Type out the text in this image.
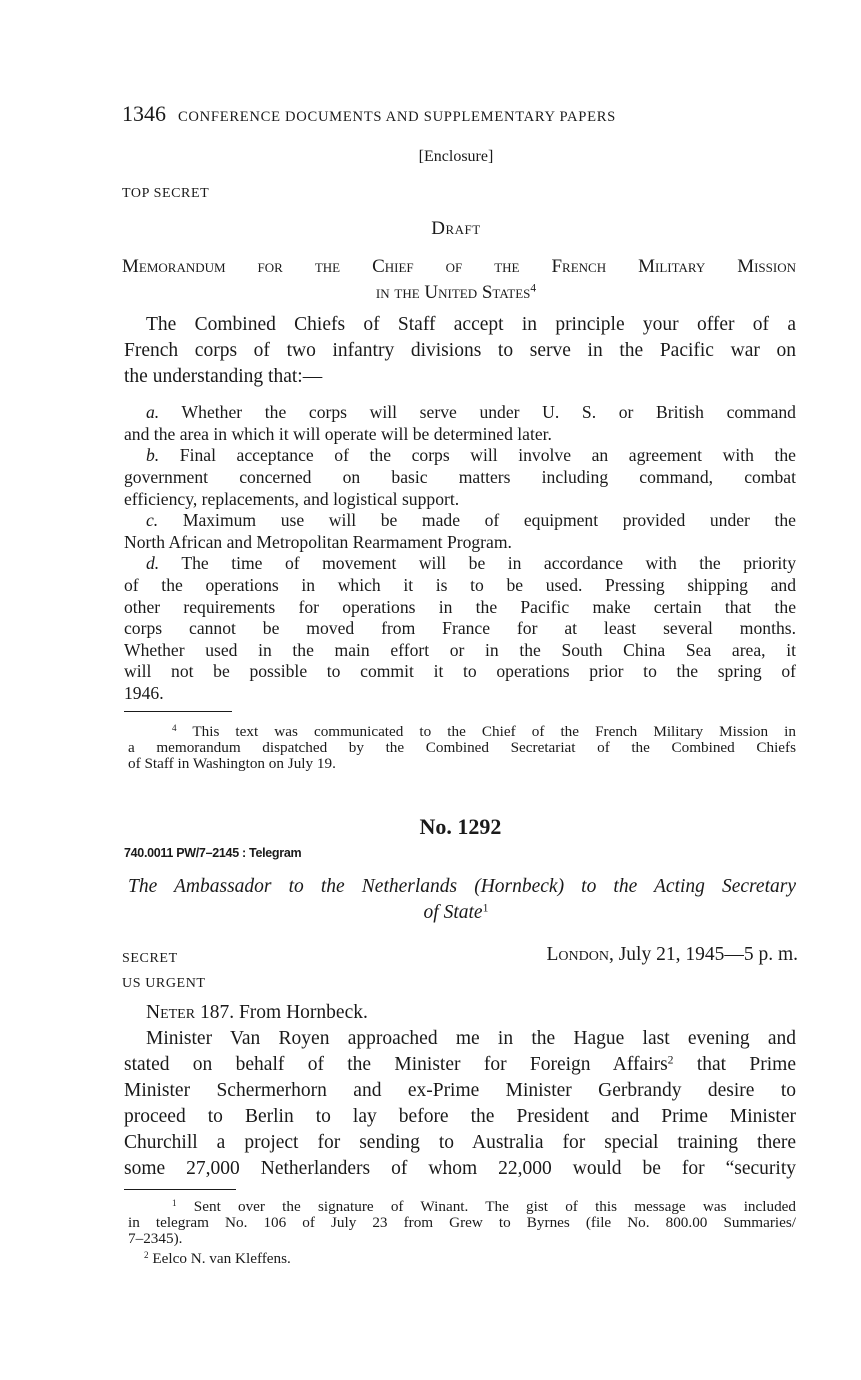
1346 CONFERENCE DOCUMENTS AND SUPPLEMENTARY PAPERS
[Enclosure]
TOP SECRET
Draft
Memorandum for the Chief of the French Military Mission
in the United States$^4$
The Combined Chiefs of Staff accept in principle your offer of a
French corps of two infantry divisions to serve in the Pacific war on
the understanding that:—
a. Whether the corps will serve under U. S. or British command
and the area in which it will operate will be determined later.
b. Final acceptance of the corps will involve an agreement with the
government concerned on basic matters including command, combat
efficiency, replacements, and logistical support.
c. Maximum use will be made of equipment provided under the
North African and Metropolitan Rearmament Program.
d. The time of movement will be in accordance with the priority
of the operations in which it is to be used. Pressing shipping and
other requirements for operations in the Pacific make certain that the
corps cannot be moved from France for at least several months.
Whether used in the main effort or in the South China Sea area, it
will not be possible to commit it to operations prior to the spring of
1946.
$^4$ This text was communicated to the Chief of the French Military Mission in
a memorandum dispatched by the Combined Secretariat of the Combined Chiefs
of Staff in Washington on July 19.
No. 1292
740.0011 PW/7–2145 : Telegram
The Ambassador to the Netherlands (Hornbeck) to the Acting Secretary
of State$^1$
SECRET
US URGENT
London, July 21, 1945—5 p. m.
Neter 187. From Hornbeck.
Minister Van Royen approached me in the Hague last evening and
stated on behalf of the Minister for Foreign Affairs$^2$ that Prime
Minister Schermerhorn and ex-Prime Minister Gerbrandy desire to
proceed to Berlin to lay before the President and Prime Minister
Churchill a project for sending to Australia for special training there
some 27,000 Netherlanders of whom 22,000 would be for “security
$^1$ Sent over the signature of Winant. The gist of this message was included
in telegram No. 106 of July 23 from Grew to Byrnes (file No. 800.00 Summaries/
7–2345).
$^2$ Eelco N. van Kleffens.
